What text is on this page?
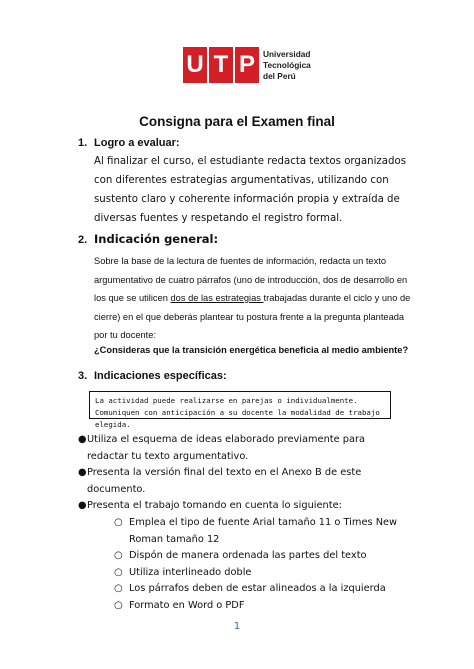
U T P Universidad
Tecnológica
del Perú
Consigna para el Examen final
1. Logro a evaluar:
Al finalizar el curso, el estudiante redacta textos organizados con diferentes estrategias argumentativas, utilizando con sustento claro y coherente información propia y extraída de diversas fuentes y respetando el registro formal.
2. Indicación general:
Sobre la base de la lectura de fuentes de información, redacta un texto argumentativo de cuatro párrafos (uno de introducción, dos de desarrollo en los que se utilicen dos de las estrategias trabajadas durante el ciclo y uno de cierre) en el que deberás plantear tu postura frente a la pregunta planteada por tu docente:
¿Consideras que la transición energética beneficia al medio ambiente?
3. Indicaciones específicas:
La actividad puede realizarse en parejas o individualmente. Comuniquen con anticipación a su docente la modalidad de trabajo elegida.
● Utiliza el esquema de ideas elaborado previamente para redactar tu texto argumentativo.
● Presenta la versión final del texto en el Anexo B de este documento.
● Presenta el trabajo tomando en cuenta lo siguiente:
○ Emplea el tipo de fuente Arial tamaño 11 o Times New Roman tamaño 12
○ Dispón de manera ordenada las partes del texto
○ Utiliza interlineado doble
○ Los párrafos deben de estar alineados a la izquierda
○ Formato en Word o PDF
1
